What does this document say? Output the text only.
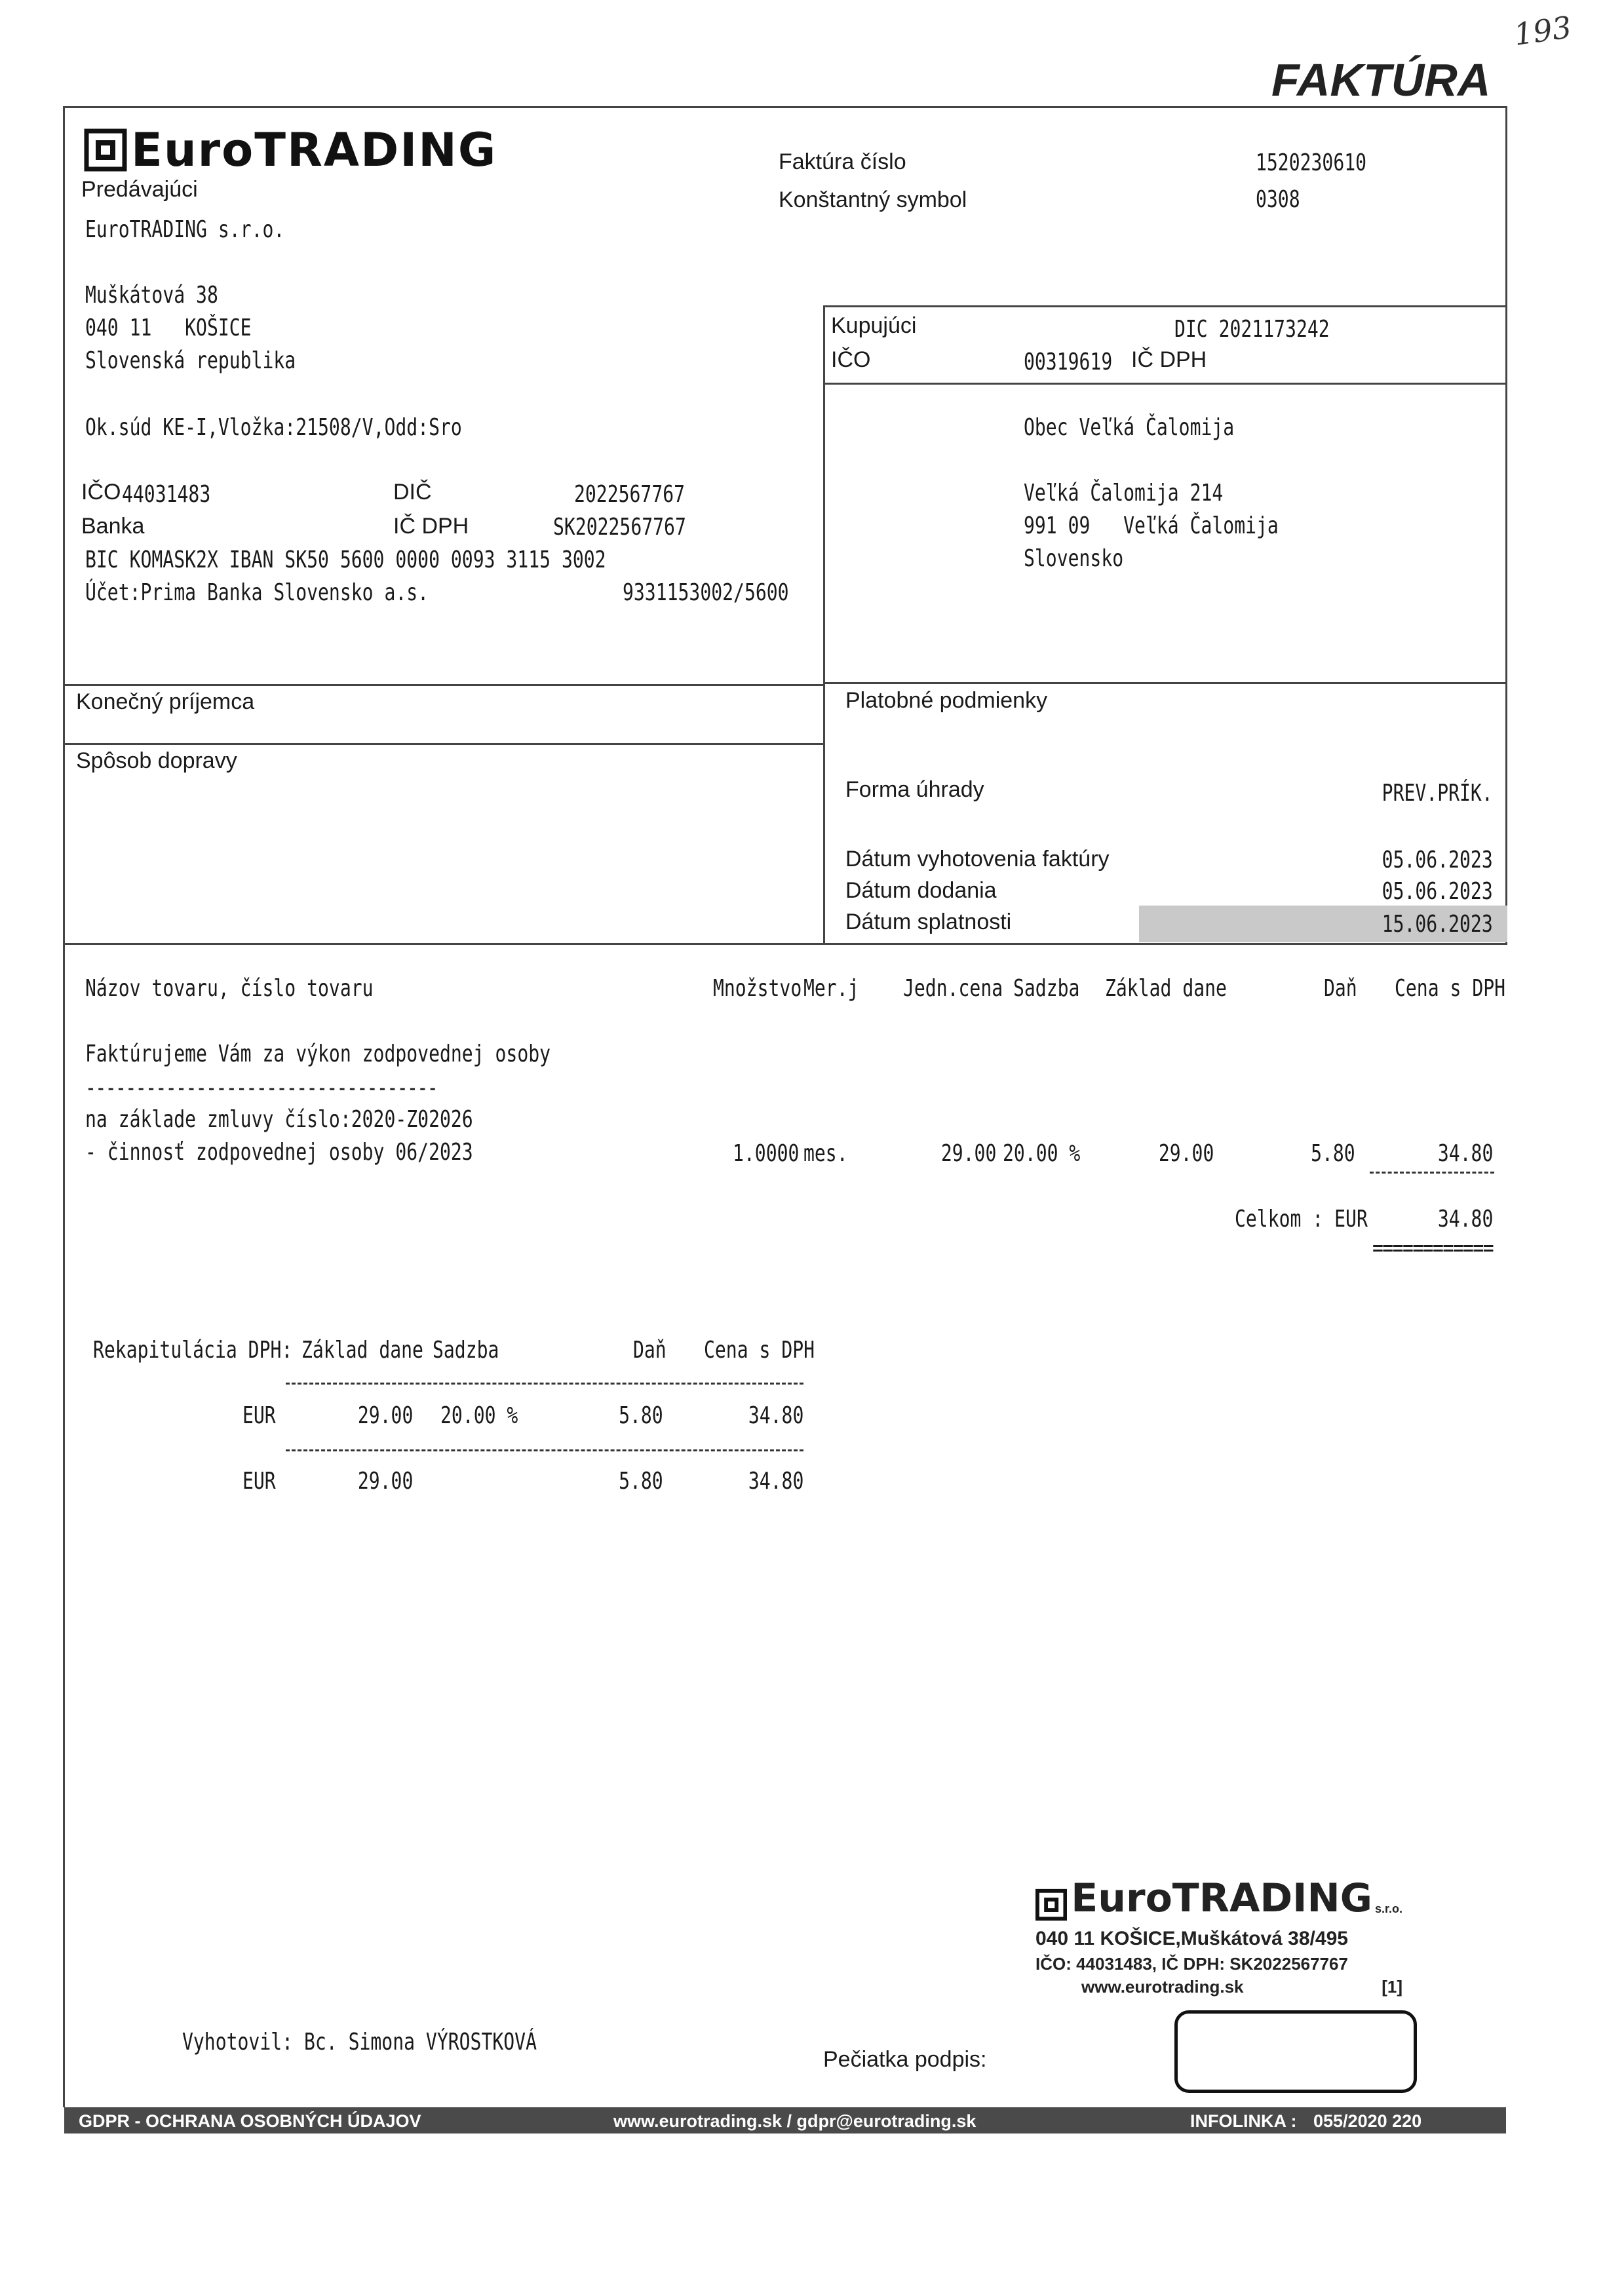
193
FAKTÚRA
EuroTRADING
Predávajúci
EuroTRADING s.r.o.
Muškátová 38
040 11   KOŠICE
Slovenská republika
Ok.súd KE-I,Vložka:21508/V,Odd:Sro
IČO 44031483	DIČ	2022567767
Banka	IČ DPH	SK2022567767
BIC KOMASK2X IBAN SK50 5600 0000 0093 3115 3002
Účet:Prima Banka Slovensko a.s.	9331153002/5600
Faktúra číslo	1520230610
Konštantný symbol	0308
Kupujúci	DIC 2021173242
IČO	00319619 IČ DPH
Obec Veľká Čalomija
Veľká Čalomija 214
991 09   Veľká Čalomija
Slovensko
Konečný príjemca
Spôsob dopravy
Platobné podmienky
Forma úhrady	PREV.PRÍK.
Dátum vyhotovenia faktúry	05.06.2023
Dátum dodania	05.06.2023
Dátum splatnosti	15.06.2023
Názov tovaru, číslo tovaru	Množstvo Mer.j Jedn.cena Sadzba Základ dane	Daň Cena s DPH
Faktúrujeme Vám za výkon zodpovednej osoby
-----------------------------------
na základe zmluvy číslo:2020-Z02026
- činnosť zodpovednej osoby 06/2023	1.0000 mes.	29.00 20.00 %	29.00	5.80	34.80
Celkom : EUR	34.80
============
Rekapitulácia DPH: Základ dane Sadzba	Daň Cena s DPH
EUR	29.00 20.00 %	5.80	34.80
EUR	29.00	5.80	34.80
EuroTRADING s.r.o.
040 11 KOŠICE,Muškátová 38/495
IČO: 44031483, IČ DPH: SK2022567767
www.eurotrading.sk	[1]
Vyhotovil: Bc. Simona VÝROSTKOVÁ
Pečiatka podpis:
GDPR - OCHRANA OSOBNÝCH ÚDAJOV	www.eurotrading.sk / gdpr@eurotrading.sk	INFOLINKA : 055/2020 220
